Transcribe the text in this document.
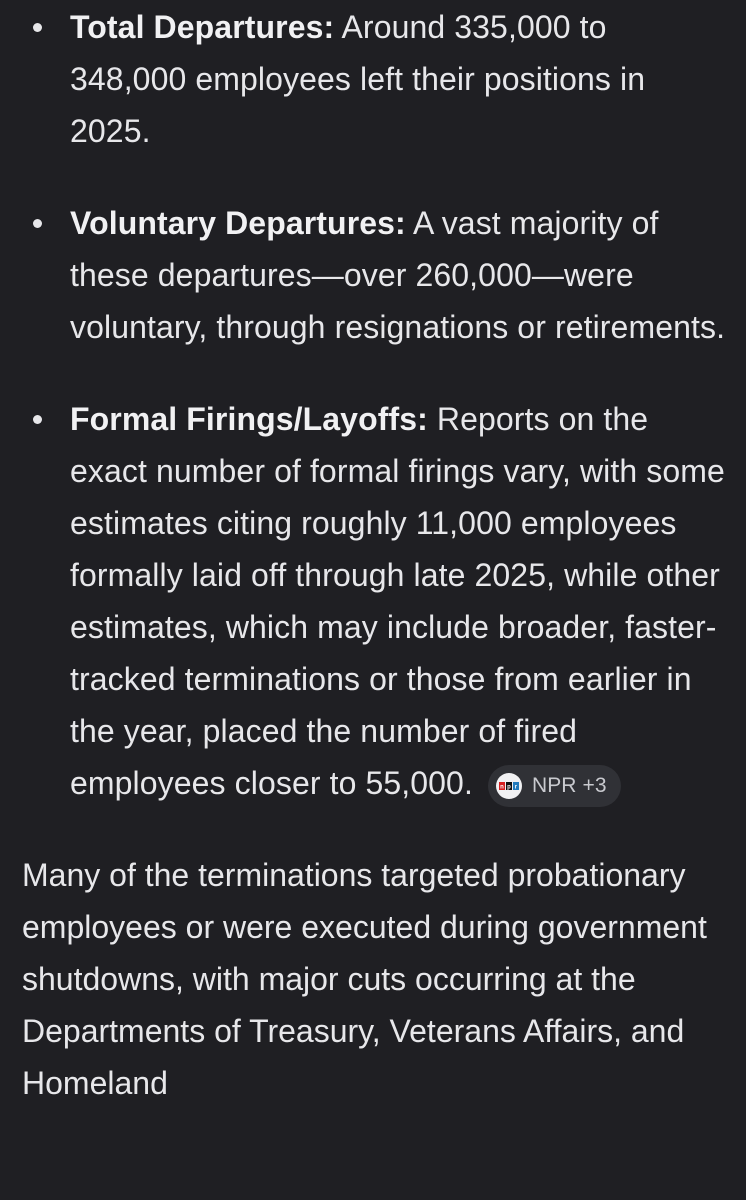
Total Departures: Around 335,000 to 348,000 employees left their positions in 2025.
Voluntary Departures: A vast majority of these departures—over 260,000—were voluntary, through resignations or retirements.
Formal Firings/Layoffs: Reports on the exact number of formal firings vary, with some estimates citing roughly 11,000 employees formally laid off through late 2025, while other estimates, which may include broader, faster-tracked terminations or those from earlier in the year, placed the number of fired employees closer to 55,000.	n p r NPR +3

Many of the terminations targeted probationary employees or were executed during government shutdowns, with major cuts occurring at the Departments of Treasury, Veterans Affairs, and Homeland
